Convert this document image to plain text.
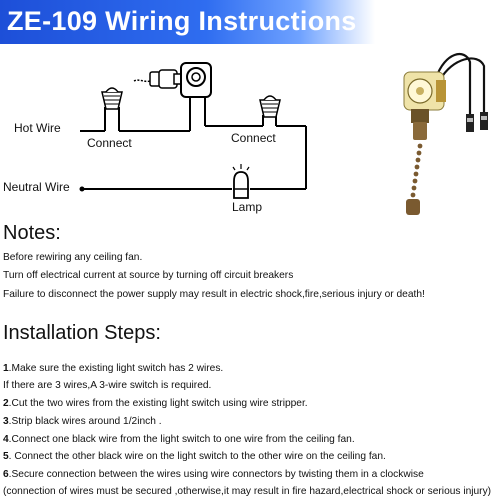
ZE-109 Wiring Instructions
Hot Wire
Connect	Connect
Neutral Wire
Lamp
Notes:
Before rewiring any ceiling fan.
Turn off electrical current at source by turning off circuit breakers
Failure to disconnect the power supply may result in electric shock,fire,serious injury or death!
Installation Steps:
1.Make sure the existing light switch has 2 wires.
If there are 3 wires,A 3-wire switch is required.
2.Cut the two wires from the existing light switch using wire stripper.
3.Strip black wires around 1/2inch .
4.Connect one black wire from the light switch to one wire from the ceiling fan.
5. Connect the other black wire on the light switch to the other wire on the ceiling fan.
6.Secure connection between the wires using wire connectors by twisting them in a clockwise
(connection of wires must be secured ,otherwise,it may result in fire hazard,electrical shock or serious injury)
